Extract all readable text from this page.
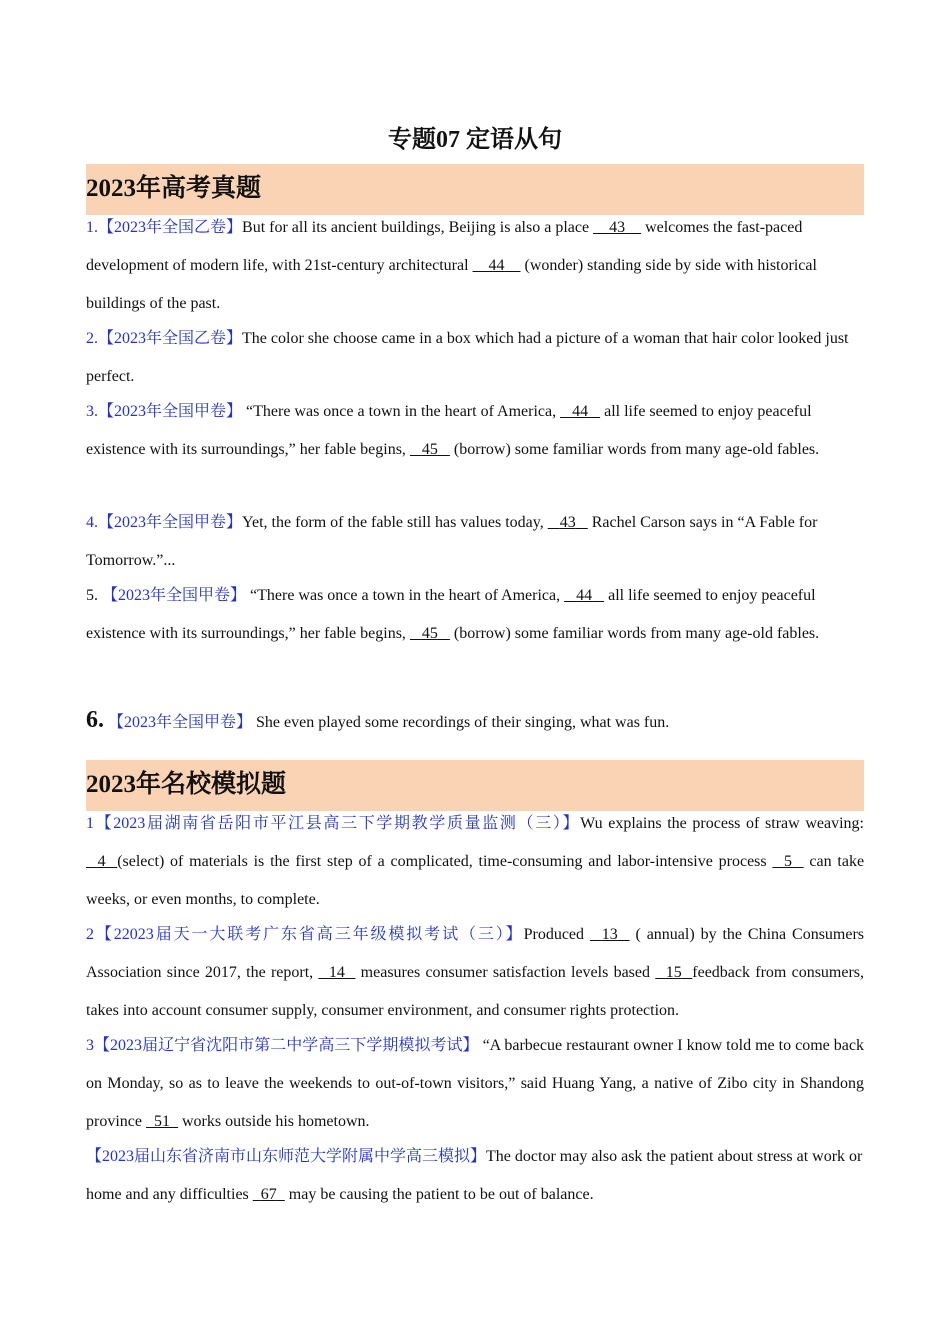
专题07 定语从句
2023年高考真题

1.【2023年全国乙卷】But for all its ancient buildings, Beijing is also a place     43     welcomes the fast-paced development of modern life, with 21st-century architectural     44     (wonder) standing side by side with historical buildings of the past.

2.【2023年全国乙卷】The color she choose came in a box which had a picture of a woman that hair color looked just perfect.

3.【2023年全国甲卷】 “There was once a town in the heart of America,    44    all life seemed to enjoy peaceful existence with its surroundings,” her fable begins,    45    (borrow) some familiar words from many age-old fables.

4.【2023年全国甲卷】Yet, the form of the fable still has values today,    43    Rachel Carson says in “A Fable for Tomorrow.”...

5. 【2023年全国甲卷】 “There was once a town in the heart of America,    44    all life seemed to enjoy peaceful existence with its surroundings,” her fable begins,    45    (borrow) some familiar words from many age-old fables.

6. 【2023年全国甲卷】 She even played some recordings of their singing, what was fun.

2023年名校模拟题

1【2023届湖南省岳阳市平江县高三下学期教学质量监测（三）】Wu explains the process of straw weaving:  4 (select) of materials is the first step of a complicated, time-consuming and labor-intensive process   5   can take weeks, or even months, to complete.

2【22023届天一大联考广东省高三年级模拟考试（三）】Produced   13   ( annual) by the China Consumers Association since 2017, the report,   14   measures consumer satisfaction levels based   15 feedback from consumers, takes into account consumer supply, consumer environment, and consumer rights protection.

3【2023届辽宁省沈阳市第二中学高三下学期模拟考试】 “A barbecue restaurant owner I know told me to come back on Monday, so as to leave the weekends to out-of-town visitors,” said Huang Yang, a native of Zibo city in Shandong province   51   works outside his hometown.

【2023届山东省济南市山东师范大学附属中学高三模拟】The doctor may also ask the patient about stress at work or home and any difficulties   67   may be causing the patient to be out of balance.
